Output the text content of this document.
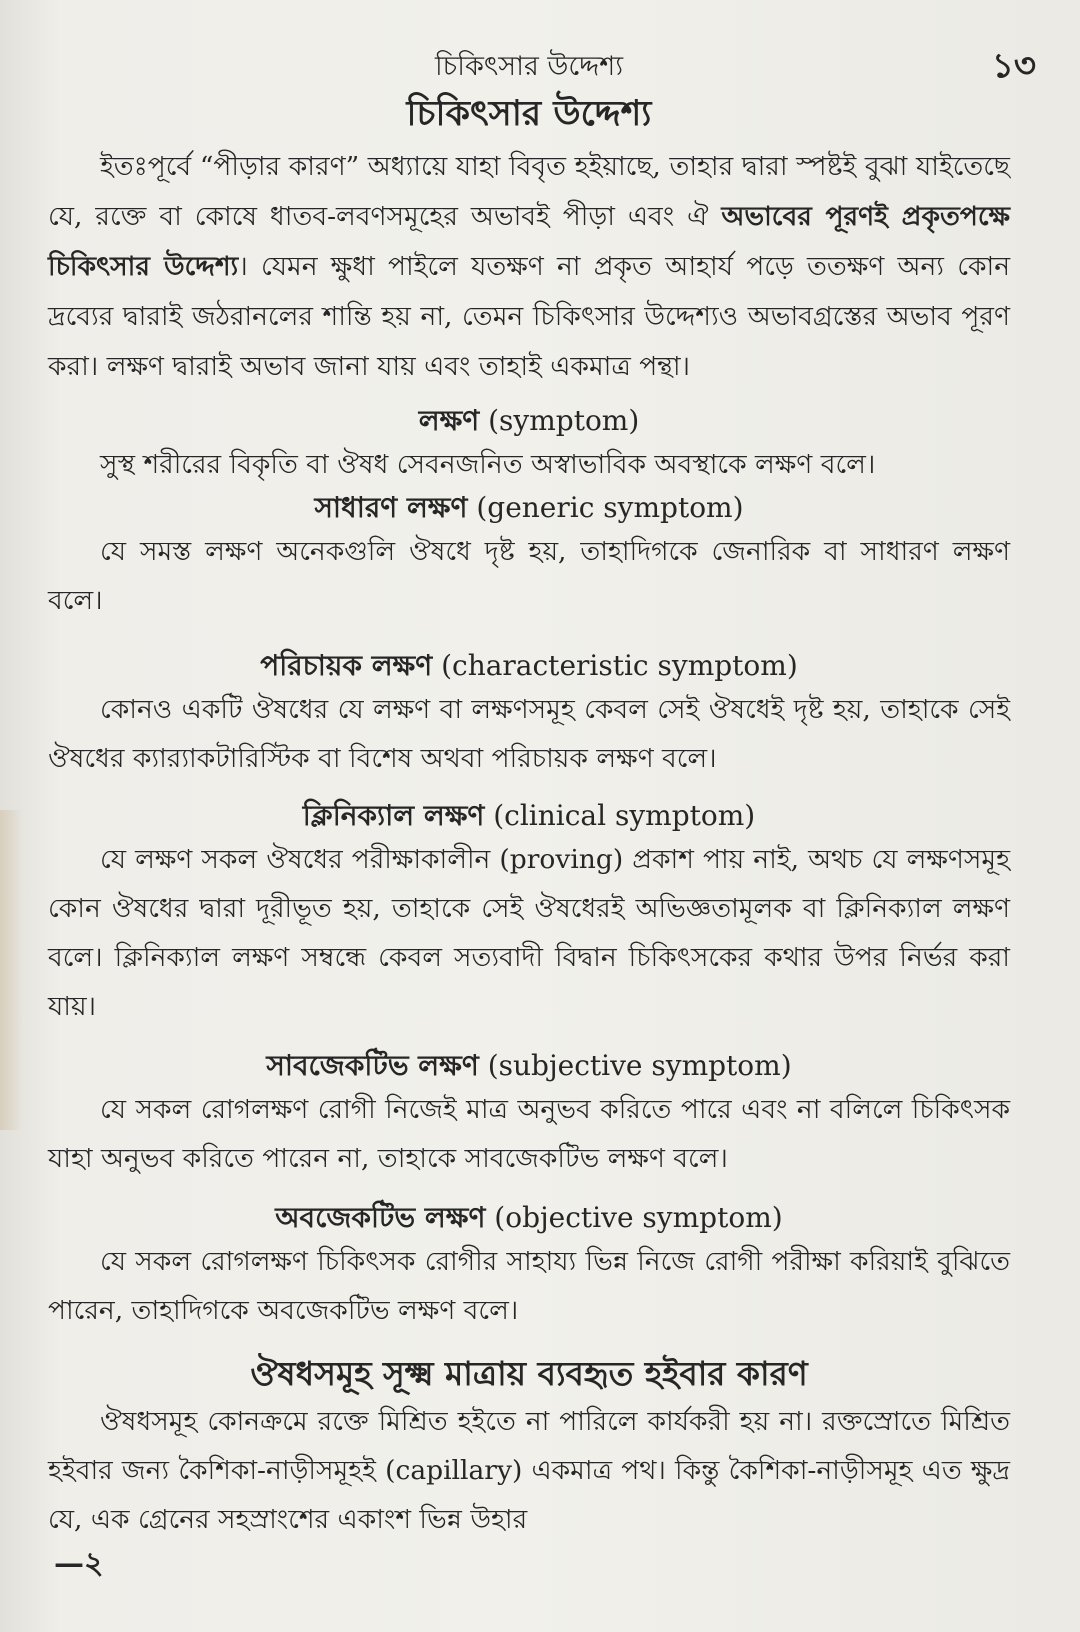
চিকিৎসার উদ্দেশ্য	১৩
চিকিৎসার উদ্দেশ্য

ইতঃপূর্বে “পীড়ার কারণ” অধ্যায়ে যাহা বিবৃত হইয়াছে, তাহার দ্বারা স্পষ্টই বুঝা যাইতেছে যে, রক্তে বা কোষে ধাতব-লবণসমূহের অভাবই পীড়া এবং ঐ অভাবের পূরণই প্রকৃতপক্ষে চিকিৎসার উদ্দেশ্য। যেমন ক্ষুধা পাইলে যতক্ষণ না প্রকৃত আহার্য পড়ে ততক্ষণ অন্য কোন দ্রব্যের দ্বারাই জঠরানলের শান্তি হয় না, তেমন চিকিৎসার উদ্দেশ্যও অভাবগ্রস্তের অভাব পূরণ করা। লক্ষণ দ্বারাই অভাব জানা যায় এবং তাহাই একমাত্র পন্থা।

লক্ষণ (symptom)

সুস্থ শরীরের বিকৃতি বা ঔষধ সেবনজনিত অস্বাভাবিক অবস্থাকে লক্ষণ বলে।

সাধারণ লক্ষণ (generic symptom)

যে সমস্ত লক্ষণ অনেকগুলি ঔষধে দৃষ্ট হয়, তাহাদিগকে জেনারিক বা সাধারণ লক্ষণ বলে।

পরিচায়ক লক্ষণ (characteristic symptom)

কোনও একটি ঔষধের যে লক্ষণ বা লক্ষণসমূহ কেবল সেই ঔষধেই দৃষ্ট হয়, তাহাকে সেই ঔষধের ক্যার‍্যাকটারিস্টিক বা বিশেষ অথবা পরিচায়ক লক্ষণ বলে।

ক্লিনিক্যাল লক্ষণ (clinical symptom)

যে লক্ষণ সকল ঔষধের পরীক্ষাকালীন (proving) প্রকাশ পায় নাই, অথচ যে লক্ষণসমূহ কোন ঔষধের দ্বারা দূরীভূত হয়, তাহাকে সেই ঔষধেরই অভিজ্ঞতামূলক বা ক্লিনিক্যাল লক্ষণ বলে। ক্লিনিক্যাল লক্ষণ সম্বন্ধে কেবল সত্যবাদী বিদ্বান চিকিৎসকের কথার উপর নির্ভর করা যায়।

সাবজেকটিভ লক্ষণ (subjective symptom)

যে সকল রোগলক্ষণ রোগী নিজেই মাত্র অনুভব করিতে পারে এবং না বলিলে চিকিৎসক যাহা অনুভব করিতে পারেন না, তাহাকে সাবজেকটিভ লক্ষণ বলে।

অবজেকটিভ লক্ষণ (objective symptom)

যে সকল রোগলক্ষণ চিকিৎসক রোগীর সাহায্য ভিন্ন নিজে রোগী পরীক্ষা করিয়াই বুঝিতে পারেন, তাহাদিগকে অবজেকটিভ লক্ষণ বলে।

ঔষধসমূহ সূক্ষ্ম মাত্রায় ব্যবহৃত হইবার কারণ

ঔষধসমূহ কোনক্রমে রক্তে মিশ্রিত হইতে না পারিলে কার্যকরী হয় না। রক্তস্রোতে মিশ্রিত হইবার জন্য কৈশিকা-নাড়ীসমূহই (capillary) একমাত্র পথ। কিন্তু কৈশিকা-নাড়ীসমূহ এত ক্ষুদ্র যে, এক গ্রেনের সহস্রাংশের একাংশ ভিন্ন উহার

—২
